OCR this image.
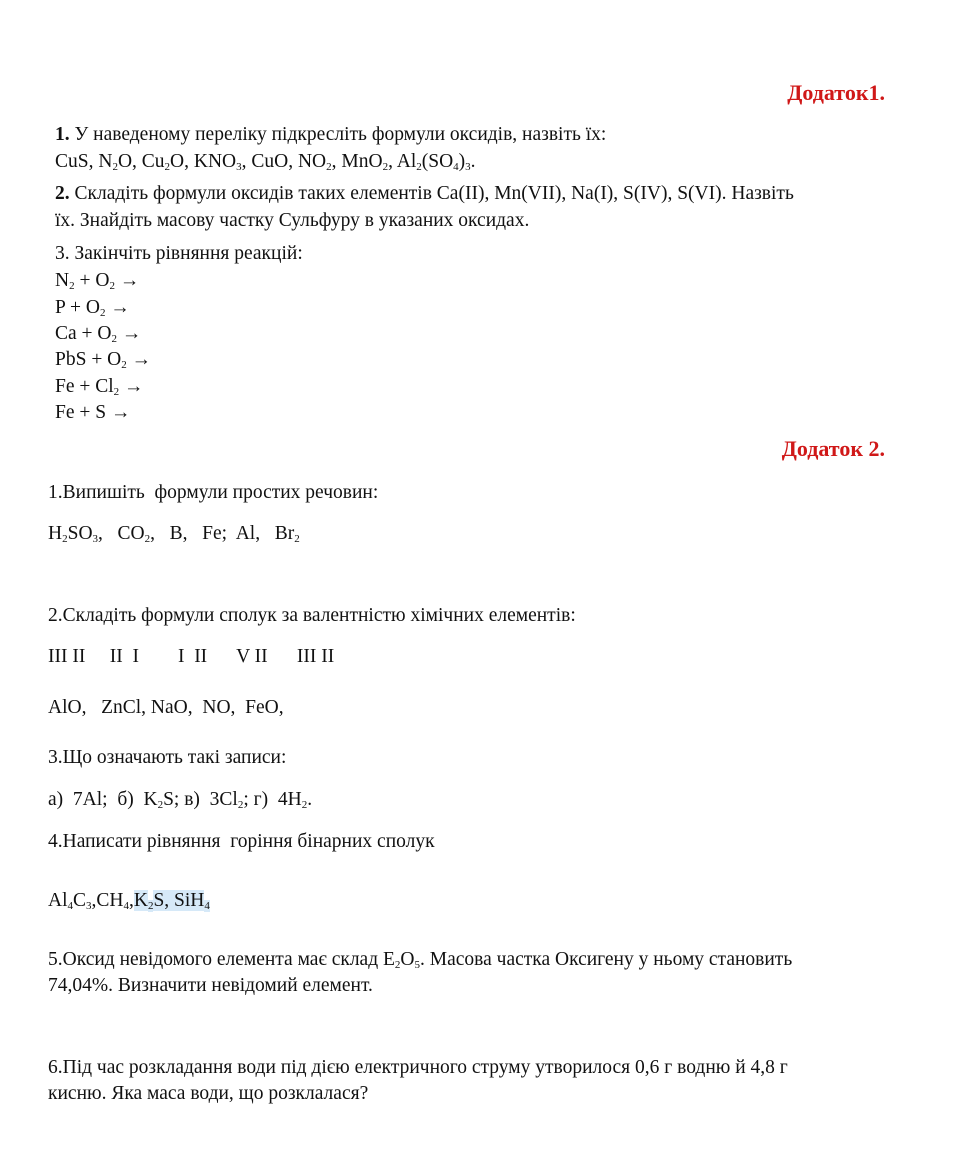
Додаток1.
1. У наведеному переліку підкресліть формули оксидів, назвіть їх:
CuS, $N_2O$, $Cu_2O$, $KNO_3$, CuO, $NO_2$, MnO$_2$, $Al_2(SO_4)_3$.
2. Складіть формули оксидів таких елементів Ca(II), Mn(VII), Na(I), S(IV), S(VI). Назвіть
їх. Знайдіть масову частку Сульфуру в указаних оксидах.
3. Закінчіть рівняння реакцій:
$N_2 + O_2$ →
$P + O_2$ →
$Ca + O_2$ →
PbS + $O_2$ →
$Fe + Cl_2$ →
Fe + S →
Додаток 2.
1.Випишіть  формули простих речовин:
$H_2SO_3$,   $CO_2$,   B,   Fe;  Al,   $Br_2$
2.Складіть формули сполук за валентністю хімічних елементів:
III II     II  I        I  II      V II      III II
AlO,   ZnCl, NaO,  NO,  FeO,
3.Що означають такі записи:
а)  7Al;  б)  $K_2S$; в)  $3Cl_2$; г)  $4H_2$.
4.Написати рівняння  горіння бінарних сполук
$Al_4C_3,CH_4,K_2S$, SiH$_4$
5.Оксид невідомого елемента має склад $E_2O_5$. Масова частка Оксигену у ньому становить
74,04%. Визначити невідомий елемент.
6.Під час розкладання води під дією електричного струму утворилося 0,6 г водню й 4,8 г
кисню. Яка маса води, що розклалася?
